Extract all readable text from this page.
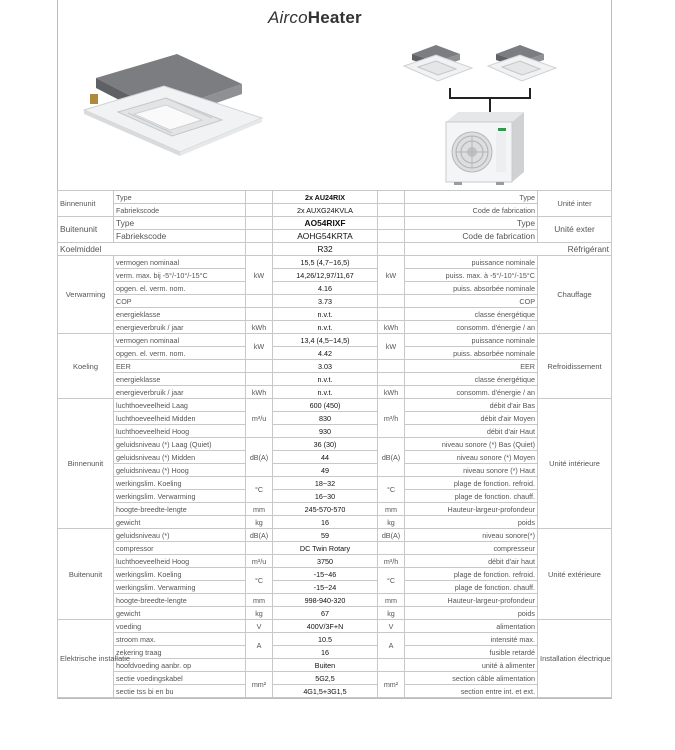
AircoHeater
Binnenunit	Type		2x AU24RIX		Type	Unité inter
	Fabriekscode		2x AUXG24KVLA		Code de fabrication	
Buitenunit	Type		AO54RIXF		Type	Unité exter
	Fabriekscode		AOHG54KRTA		Code de fabrication	
Koelmiddel			R32		Réfrigérant	
Verwarming	vermogen nominaal	kW	15,5 (4,7~16,5)	kW	puissance nominale	Chauffage
	verm. max. bij -5°/-10°/-15°C		14,26/12,97/11,67		puiss. max. à -5°/-10°/-15°C	
	opgen. el. verm. nom.		4.16		puiss. absorbée nominale	
	COP		3.73		COP	
	energieklasse		n.v.t.		classe énergétique	
	energieverbruik / jaar	kWh	n.v.t.	kWh	consomm. d'énergie / an	
Koeling	vermogen nominaal	kW	13,4 (4,5~14,5)	kW	puissance nominale	Refroidissement
	opgen. el. verm. nom.		4.42		puiss. absorbée nominale	
	EER		3.03		EER	
	energieklasse		n.v.t.		classe énergétique	
	energieverbruik / jaar	kWh	n.v.t.	kWh	consomm. d'énergie / an	
Binnenunit	luchthoeveelheid Laag	m³/u	600 (450)	m³/h	débit d'air Bas	Unité intérieure
	luchthoeveelheid Midden		830		débit d'air Moyen	
	luchthoeveelheid Hoog		930		débit d'air Haut	
	geluidsniveau (*) Laag (Quiet)	dB(A)	36 (30)	dB(A)	niveau sonore (*) Bas (Quiet)	
	geluidsniveau (*) Midden		44		niveau sonore (*) Moyen	
	geluidsniveau (*) Hoog		49		niveau sonore (*) Haut	
	werkingslim. Koeling	°C	18~32	°C	plage de fonction. refroid.	
	werkingslim. Verwarming		16~30		plage de fonction. chauff.	
	hoogte-breedte-lengte	mm	245-570-570	mm	Hauteur-largeur-profondeur	
	gewicht	kg	16	kg	poids	
Buitenunit	geluidsniveau (*)	dB(A)	59	dB(A)	niveau sonore(*)	Unité extérieure
	compressor		DC Twin Rotary		compresseur	
	luchthoeveelheid Hoog	m³/u	3750	m³/h	débit d'air haut	
	werkingslim. Koeling	°C	-15~46	°C	plage de fonction. refroid.	
	werkingslim. Verwarming		-15~24		plage de fonction. chauff.	
	hoogte-breedte-lengte	mm	998-940-320	mm	Hauteur-largeur-profondeur	
	gewicht	kg	67	kg	poids	
Elektrische installatie	voeding	V	400V/3F+N	V	alimentation	Installation électrique
	stroom max.	A	10.5	A	intensité max.	
	zekering traag		16		fusible retardé	
	hoofdvoeding aanbr. op		Buiten		unité à alimenter	
	sectie voedingskabel	mm²	5G2,5	mm²	section câble alimentation	
	sectie tss bi en bu		4G1,5+3G1,5		section entre int. et ext.	
